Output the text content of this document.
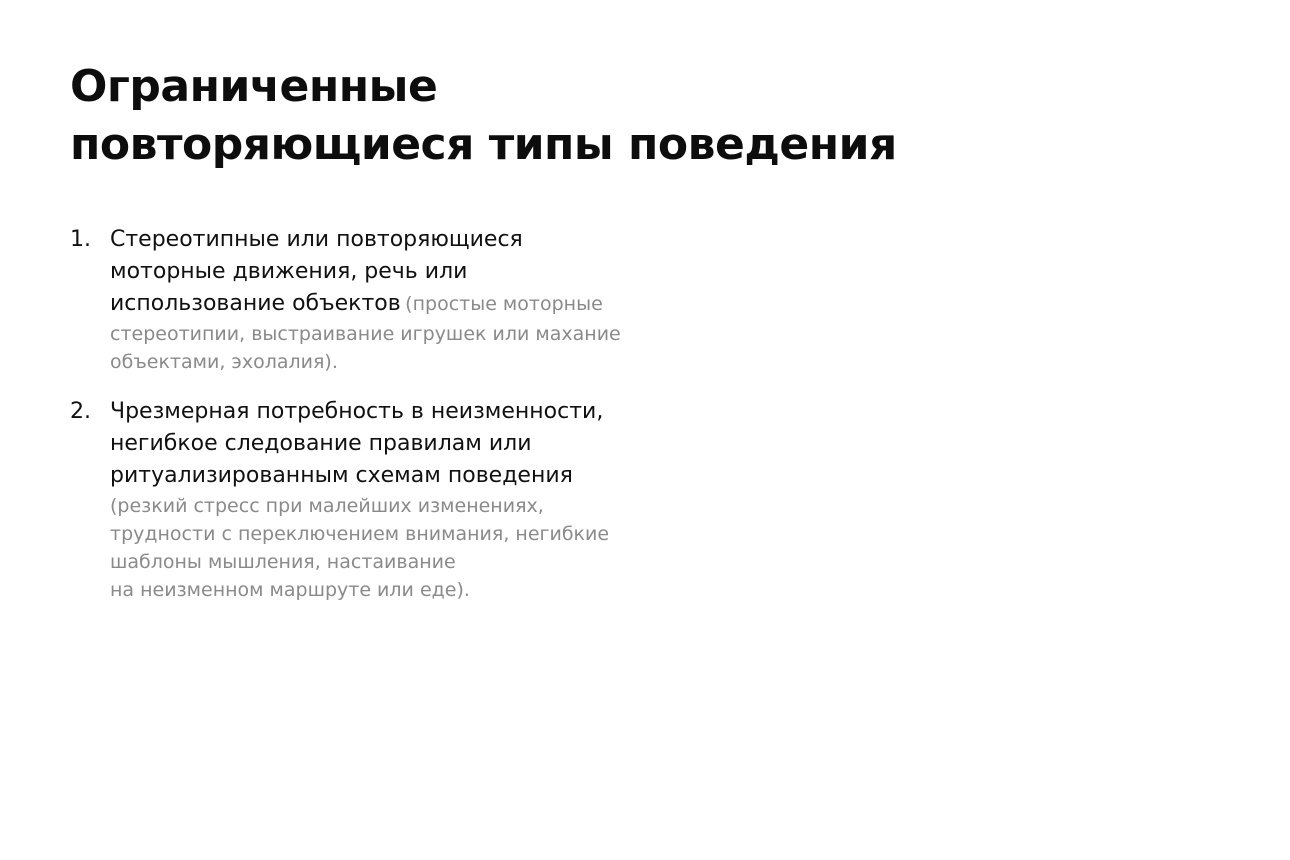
Ограниченные
повторяющиеся типы поведения
1. Стереотипные или повторяющиеся
моторные движения, речь или
использование объектов (простые моторные
стереотипии, выстраивание игрушек или махание
объектами, эхолалия).
2. Чрезмерная потребность в неизменности,
негибкое следование правилам или
ритуализированным схемам поведения
(резкий стресс при малейших изменениях,
трудности с переключением внимания, негибкие
шаблоны мышления, настаивание
на неизменном маршруте или еде).
